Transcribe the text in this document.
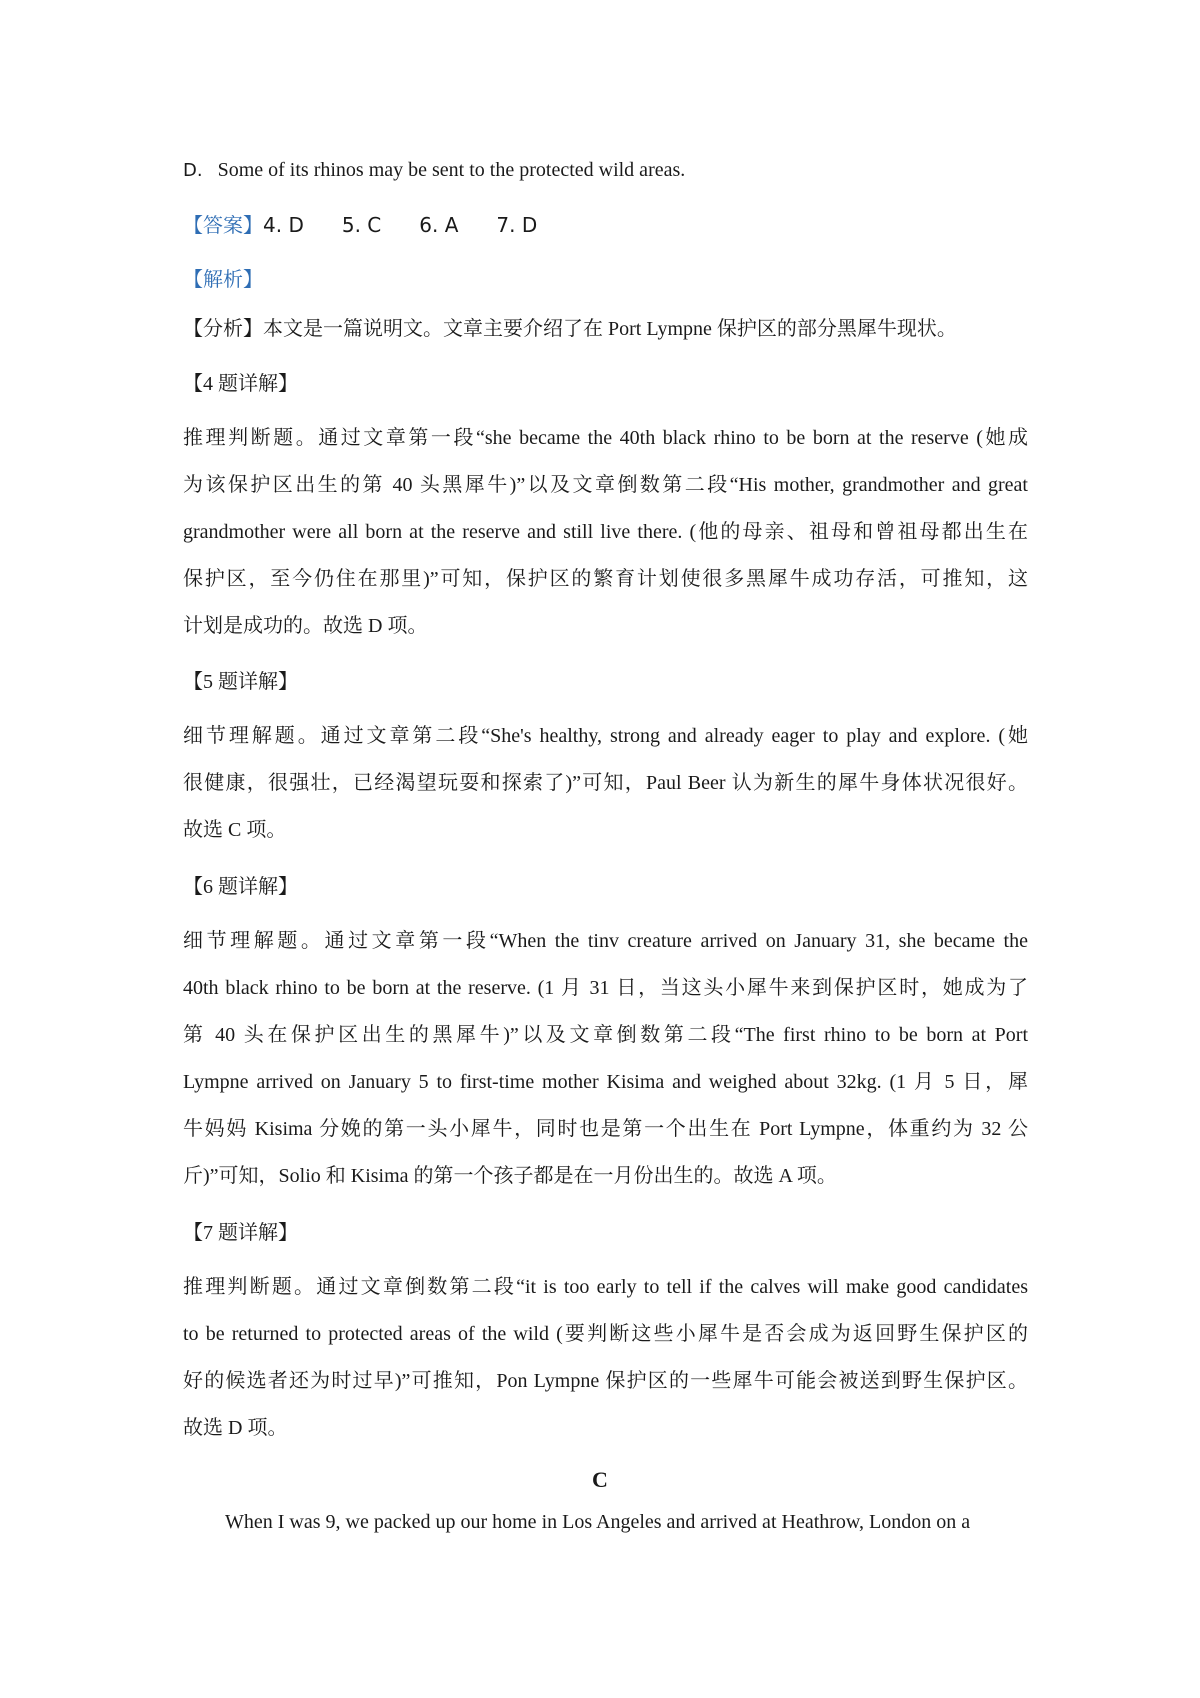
D. Some of its rhinos may be sent to the protected wild areas.
【答案】4. D 5. C 6. A 7. D
【解析】
【分析】本文是一篇说明文。文章主要介绍了在 Port Lympne 保护区的部分黑犀牛现状。
【4 题详解】
推理判断题。通过文章第一段“she became the 40th black rhino to be born at the reserve (她成
为该保护区出生的第 40 头黑犀牛)”以及文章倒数第二段“His mother, grandmother and great
grandmother were all born at the reserve and still live there. (他的母亲、祖母和曾祖母都出生在
保护区，至今仍住在那里)”可知，保护区的繁育计划使很多黑犀牛成功存活，可推知，这
计划是成功的。故选 D 项。
【5 题详解】
细节理解题。通过文章第二段“She's healthy, strong and already eager to play and explore. (她
很健康，很强壮，已经渴望玩耍和探索了)”可知，Paul Beer 认为新生的犀牛身体状况很好。
故选 C 项。
【6 题详解】
细节理解题。通过文章第一段“When the tinv creature arrived on January 31, she became the
40th black rhino to be born at the reserve. (1 月 31 日，当这头小犀牛来到保护区时，她成为了
第 40 头在保护区出生的黑犀牛)”以及文章倒数第二段“The first rhino to be born at Port
Lympne arrived on January 5 to first-time mother Kisima and weighed about 32kg. (1 月 5 日，犀
牛妈妈 Kisima 分娩的第一头小犀牛，同时也是第一个出生在 Port Lympne，体重约为 32 公
斤)”可知，Solio 和 Kisima 的第一个孩子都是在一月份出生的。故选 A 项。
【7 题详解】
推理判断题。通过文章倒数第二段“it is too early to tell if the calves will make good candidates
to be returned to protected areas of the wild (要判断这些小犀牛是否会成为返回野生保护区的
好的候选者还为时过早)”可推知，Pon Lympne 保护区的一些犀牛可能会被送到野生保护区。
故选 D 项。
C
When I was 9, we packed up our home in Los Angeles and arrived at Heathrow, London on a
